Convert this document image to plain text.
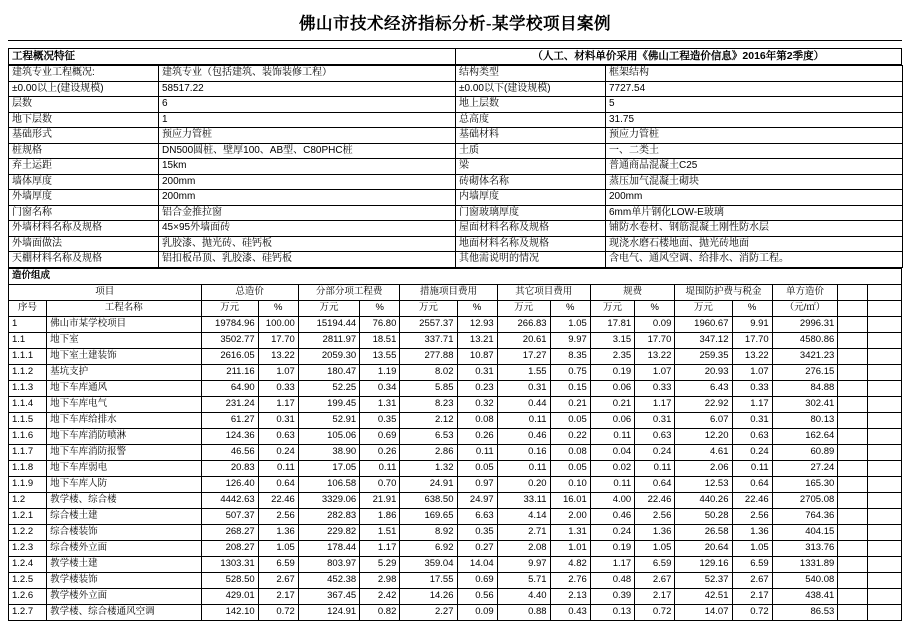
佛山市技术经济指标分析-某学校项目案例
工程概况特征	（人工、材料单价采用《佛山工程造价信息》2016年第2季度）
建筑专业工程概况:	建筑专业（包括建筑、装饰装修工程）	结构类型	框架结构
±0.00以上(建设规模)	58517.22	±0.00以下(建设规模)	7727.54
层数	6	地上层数	5
地下层数	1	总高度	31.75
基础形式	预应力管桩	基础材料	预应力管桩
桩规格	DN500圆桩、壁厚100、AB型、C80PHC桩	土质	一、二类土
弃土运距	15km	梁	普通商品混凝土C25
墙体厚度	200mm	砖砌体名称	蒸压加气混凝土砌块
外墙厚度	200mm	内墙厚度	200mm
门窗名称	铝合金推拉窗	门窗玻璃厚度	6mm单片钢化LOW-E玻璃
外墙材料名称及规格	45×95外墙面砖	屋面材料名称及规格	铺防水卷材、钢筋混凝土刚性防水层
外墙面做法	乳胶漆、抛光砖、硅钙板	地面材料名称及规格	现浇水磨石楼地面、抛光砖地面
天棚材料名称及规格	铝扣板吊顶、乳胶漆、硅钙板	其他需说明的情况	含电气、通风空调、给排水、消防工程。
造价组成																
项目		总造价		分部分项工程费		措施项目费用		其它项目费用		规费		堤围防护费与税金		单方造价		
序号	工程名称	万元	%	万元	%	万元	%	万元	%	万元	%	万元	%	（元/㎡）		
1	佛山市某学校项目	19784.96	100.00	15194.44	76.80	2557.37	12.93	266.83	1.05	17.81	0.09	1960.67	9.91	2996.31		
1.1	地下室	3502.77	17.70	2811.97	18.51	337.71	13.21	20.61	9.97	3.15	17.70	347.12	17.70	4580.86		
1.1.1	地下室土建装饰	2616.05	13.22	2059.30	13.55	277.88	10.87	17.27	8.35	2.35	13.22	259.35	13.22	3421.23		
1.1.2	基坑支护	211.16	1.07	180.47	1.19	8.02	0.31	1.55	0.75	0.19	1.07	20.93	1.07	276.15		
1.1.3	地下车库通风	64.90	0.33	52.25	0.34	5.85	0.23	0.31	0.15	0.06	0.33	6.43	0.33	84.88		
1.1.4	地下车库电气	231.24	1.17	199.45	1.31	8.23	0.32	0.44	0.21	0.21	1.17	22.92	1.17	302.41		
1.1.5	地下车库给排水	61.27	0.31	52.91	0.35	2.12	0.08	0.11	0.05	0.06	0.31	6.07	0.31	80.13		
1.1.6	地下车库消防喷淋	124.36	0.63	105.06	0.69	6.53	0.26	0.46	0.22	0.11	0.63	12.20	0.63	162.64		
1.1.7	地下车库消防报警	46.56	0.24	38.90	0.26	2.86	0.11	0.16	0.08	0.04	0.24	4.61	0.24	60.89		
1.1.8	地下车库弱电	20.83	0.11	17.05	0.11	1.32	0.05	0.11	0.05	0.02	0.11	2.06	0.11	27.24		
1.1.9	地下车库人防	126.40	0.64	106.58	0.70	24.91	0.97	0.20	0.10	0.11	0.64	12.53	0.64	165.30		
1.2	教学楼、综合楼	4442.63	22.46	3329.06	21.91	638.50	24.97	33.11	16.01	4.00	22.46	440.26	22.46	2705.08		
1.2.1	综合楼土建	507.37	2.56	282.83	1.86	169.65	6.63	4.14	2.00	0.46	2.56	50.28	2.56	764.36		
1.2.2	综合楼装饰	268.27	1.36	229.82	1.51	8.92	0.35	2.71	1.31	0.24	1.36	26.58	1.36	404.15		
1.2.3	综合楼外立面	208.27	1.05	178.44	1.17	6.92	0.27	2.08	1.01	0.19	1.05	20.64	1.05	313.76		
1.2.4	教学楼土建	1303.31	6.59	803.97	5.29	359.04	14.04	9.97	4.82	1.17	6.59	129.16	6.59	1331.89		
1.2.5	教学楼装饰	528.50	2.67	452.38	2.98	17.55	0.69	5.71	2.76	0.48	2.67	52.37	2.67	540.08		
1.2.6	教学楼外立面	429.01	2.17	367.45	2.42	14.26	0.56	4.40	2.13	0.39	2.17	42.51	2.17	438.41		
1.2.7	教学楼、综合楼通风空调	142.10	0.72	124.91	0.82	2.27	0.09	0.88	0.43	0.13	0.72	14.07	0.72	86.53		
